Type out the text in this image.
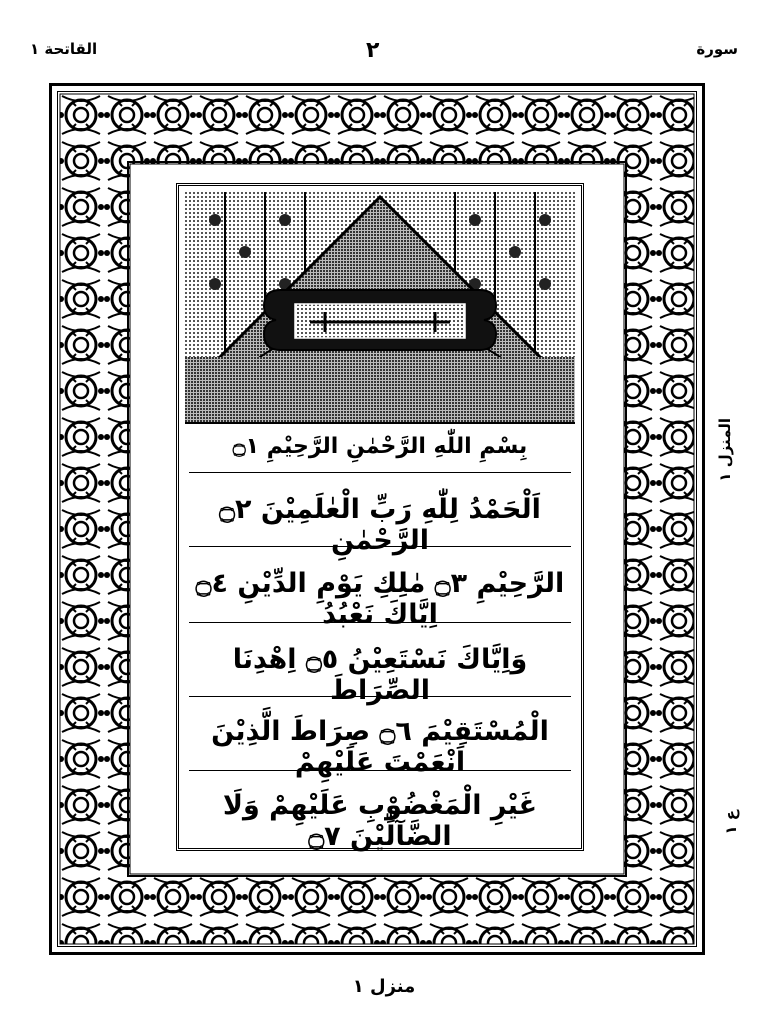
القاتحة ١	٢	سورة
المنزل ١
ع ١
بِسْمِ اللّٰهِ الرَّحْمٰنِ الرَّحِيْمِ ۝١
اَلْحَمْدُ لِلّٰهِ رَبِّ الْعٰلَمِيْنَ ۝٢ الرَّحْمٰنِ
الرَّحِيْمِ ۝٣ مٰلِكِ يَوْمِ الدِّيْنِ ۝٤ اِيَّاكَ نَعْبُدُ
وَاِيَّاكَ نَسْتَعِيْنُ ۝٥ اِهْدِنَا الصِّرَاطَ
الْمُسْتَقِيْمَ ۝٦ صِرَاطَ الَّذِيْنَ اَنْعَمْتَ عَلَيْهِمْ
غَيْرِ الْمَغْضُوْبِ عَلَيْهِمْ وَلَا الضَّآلِّيْنَ ۝٧
منزل ١
